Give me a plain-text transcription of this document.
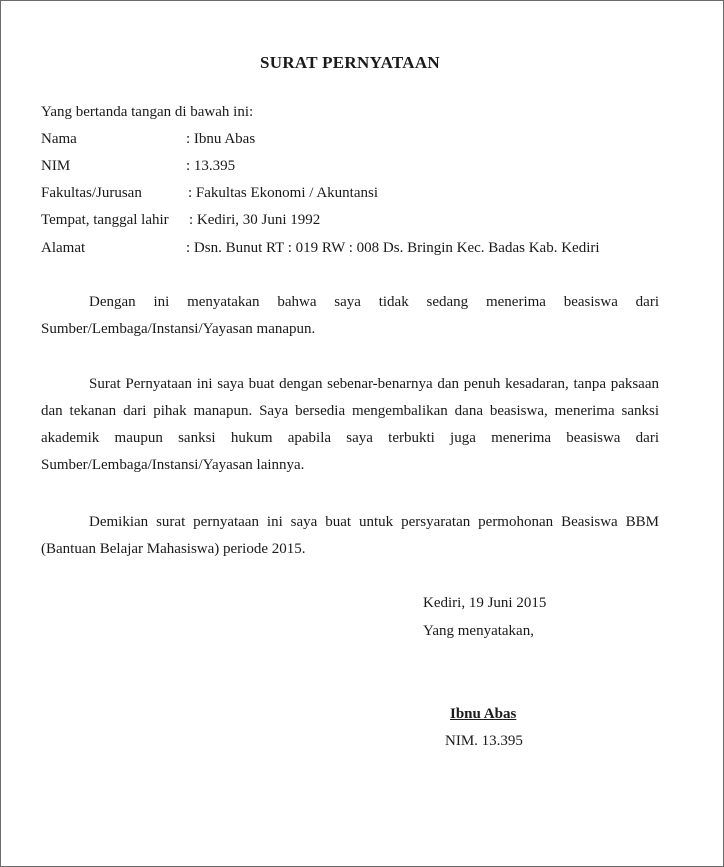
SURAT PERNYATAAN
Yang bertanda tangan di bawah ini:
Nama	: Ibnu Abas
NIM	: 13.395
Fakultas/Jurusan	: Fakultas Ekonomi / Akuntansi
Tempat, tanggal lahir	: Kediri, 30 Juni 1992
Alamat	: Dsn. Bunut RT : 019 RW : 008 Ds. Bringin Kec. Badas Kab. Kediri

Dengan ini menyatakan bahwa saya tidak sedang menerima beasiswa dari Sumber/Lembaga/Instansi/Yayasan manapun.

Surat Pernyataan ini saya buat dengan sebenar-benarnya dan penuh kesadaran, tanpa paksaan dan tekanan dari pihak manapun. Saya bersedia mengembalikan dana beasiswa, menerima sanksi akademik maupun sanksi hukum apabila saya terbukti juga menerima beasiswa dari Sumber/Lembaga/Instansi/Yayasan lainnya.

Demikian surat pernyataan ini saya buat untuk persyaratan permohonan Beasiswa BBM (Bantuan Belajar Mahasiswa) periode 2015.

Kediri, 19 Juni 2015
Yang menyatakan,
Ibnu Abas
NIM. 13.395
